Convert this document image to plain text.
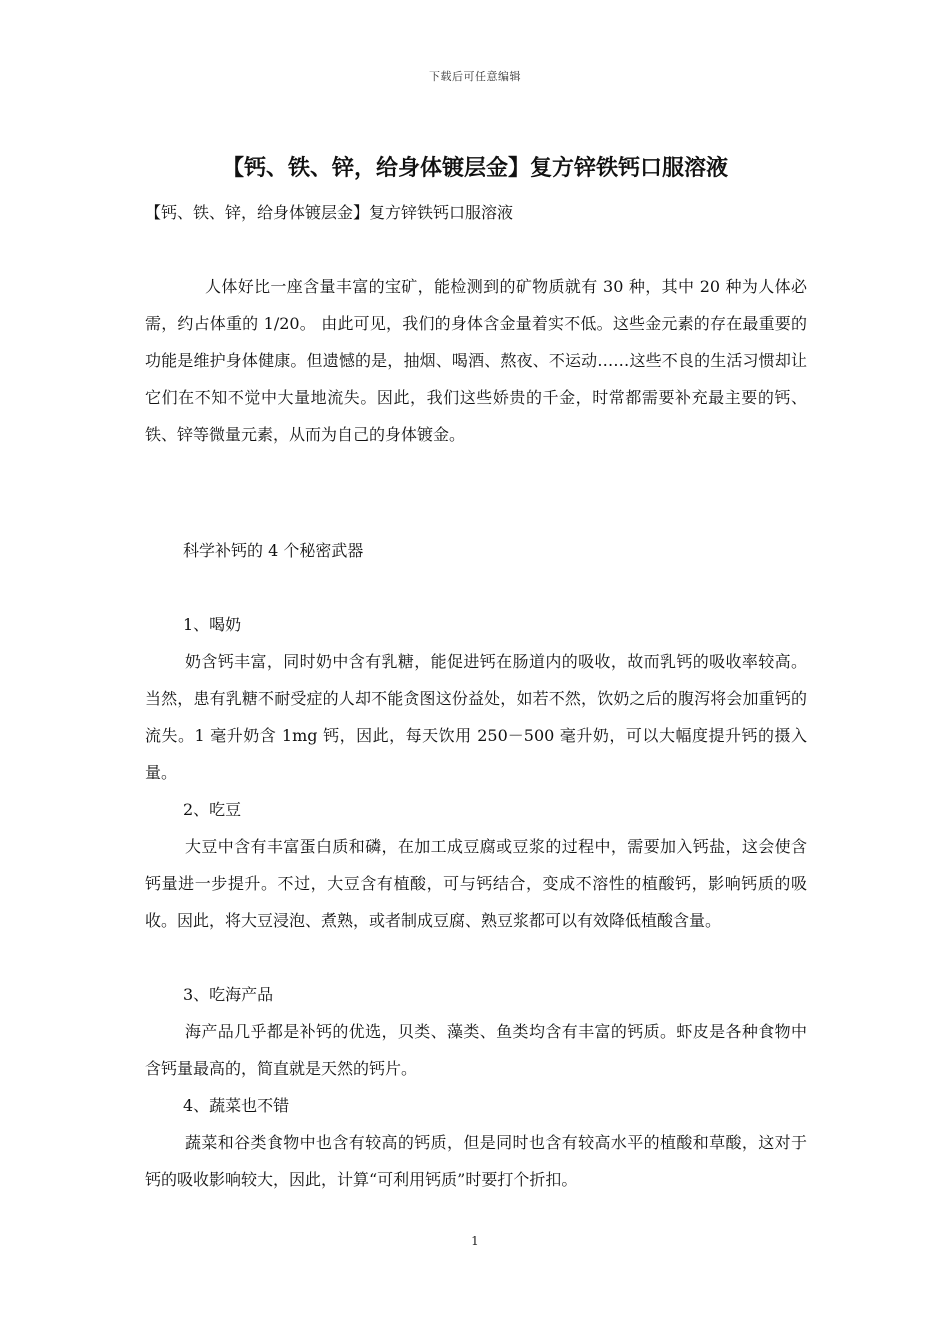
下载后可任意编辑
【钙、铁、锌，给身体镀层金】复方锌铁钙口服溶液

【钙、铁、锌，给身体镀层金】复方锌铁钙口服溶液

人体好比一座含量丰富的宝矿，能检测到的矿物质就有 30 种，其中 20 种为人体必需，约占体重的 1/20。 由此可见，我们的身体含金量着实不低。这些金元素的存在最重要的功能是维护身体健康。但遗憾的是，抽烟、喝酒、熬夜、不运动……这些不良的生活习惯却让它们在不知不觉中大量地流失。因此，我们这些娇贵的千金，时常都需要补充最主要的钙、铁、锌等微量元素，从而为自己的身体镀金。

科学补钙的 4 个秘密武器

1、喝奶

奶含钙丰富，同时奶中含有乳糖，能促进钙在肠道内的吸收，故而乳钙的吸收率较高。当然，患有乳糖不耐受症的人却不能贪图这份益处，如若不然，饮奶之后的腹泻将会加重钙的流失。1 毫升奶含 1mg 钙，因此，每天饮用 250－500 毫升奶，可以大幅度提升钙的摄入量。

2、吃豆

大豆中含有丰富蛋白质和磷，在加工成豆腐或豆浆的过程中，需要加入钙盐，这会使含钙量进一步提升。不过，大豆含有植酸，可与钙结合，变成不溶性的植酸钙，影响钙质的吸收。因此，将大豆浸泡、煮熟，或者制成豆腐、熟豆浆都可以有效降低植酸含量。

3、吃海产品

海产品几乎都是补钙的优选，贝类、藻类、鱼类均含有丰富的钙质。虾皮是各种食物中含钙量最高的，简直就是天然的钙片。

4、蔬菜也不错

蔬菜和谷类食物中也含有较高的钙质，但是同时也含有较高水平的植酸和草酸，这对于钙的吸收影响较大，因此，计算“可利用钙质”时要打个折扣。

1
